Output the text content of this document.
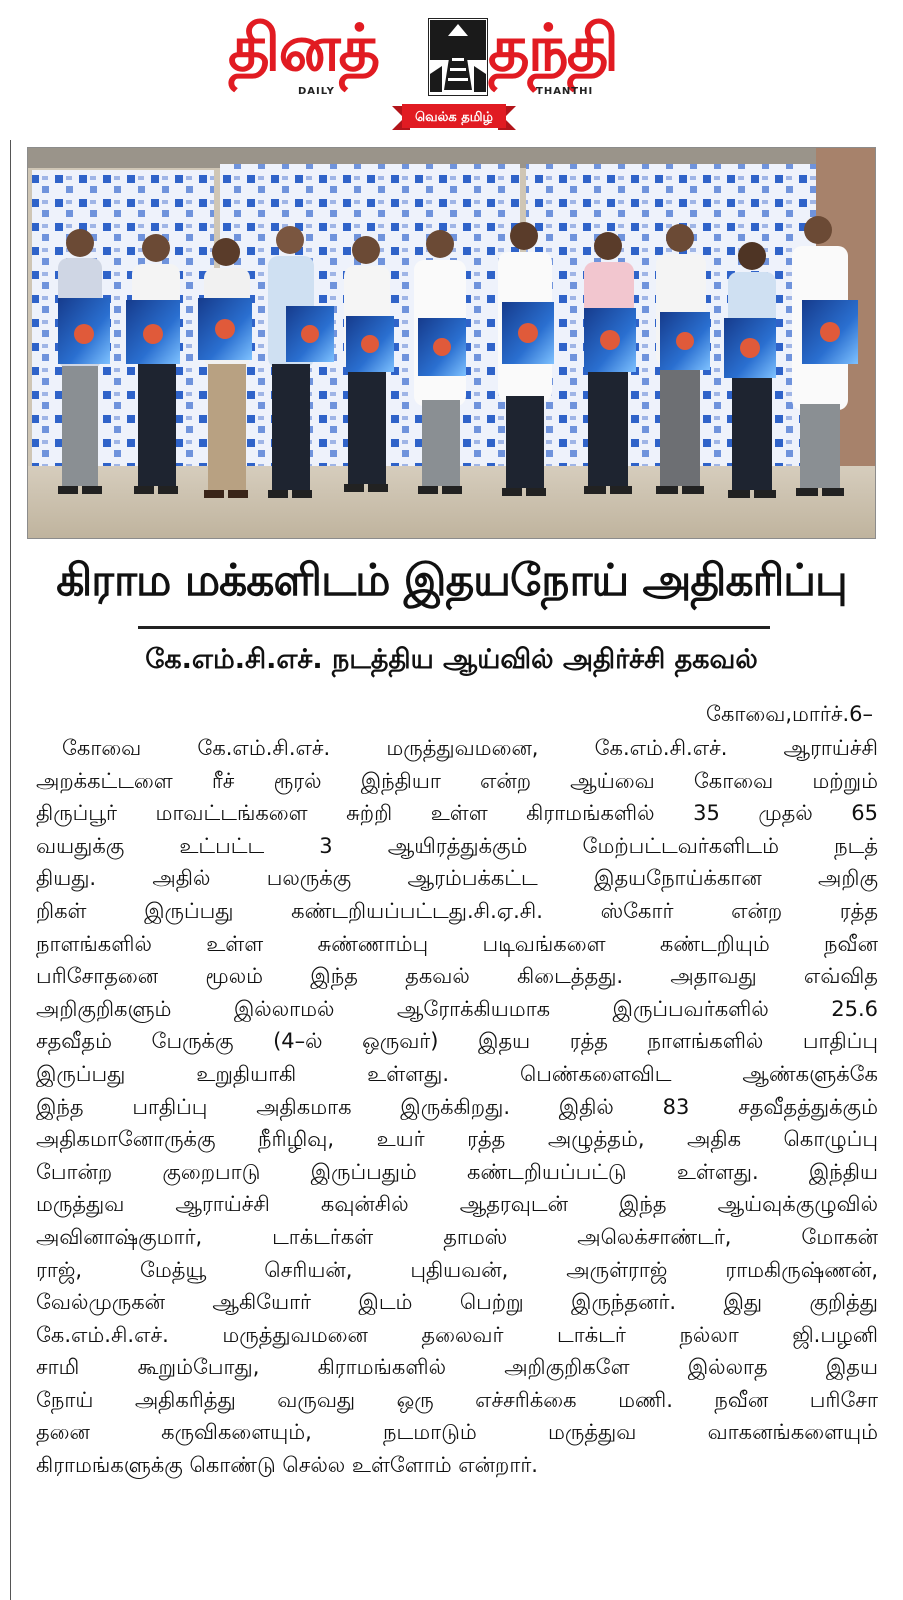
தினத் தந்தி
DAILY	THANTHI
வெல்க தமிழ்
கிராம மக்களிடம் இதயநோய் அதிகரிப்பு
கே.எம்.சி.எச். நடத்திய ஆய்வில் அதிர்ச்சி தகவல்
கோவை,மார்ச்.6–
கோவை கே.எம்.சி.எச். மருத்துவமனை, கே.எம்.சி.எச். ஆராய்ச்சி
அறக்கட்டளை ரீச் ரூரல் இந்தியா என்ற ஆய்வை கோவை மற்றும்
திருப்பூர் மாவட்டங்களை சுற்றி உள்ள கிராமங்களில் 35 முதல் 65
வயதுக்கு உட்பட்ட 3 ஆயிரத்துக்கும் மேற்பட்டவர்களிடம் நடத்
தியது. அதில் பலருக்கு ஆரம்பக்கட்ட இதயநோய்க்கான அறிகு
றிகள் இருப்பது கண்டறியப்பட்டது.சி.ஏ.சி. ஸ்கோர் என்ற ரத்த
நாளங்களில் உள்ள சுண்ணாம்பு படிவங்களை கண்டறியும் நவீன
பரிசோதனை மூலம் இந்த தகவல் கிடைத்தது. அதாவது எவ்வித
அறிகுறிகளும் இல்லாமல் ஆரோக்கியமாக இருப்பவர்களில் 25.6
சதவீதம் பேருக்கு (4–ல் ஒருவர்) இதய ரத்த நாளங்களில் பாதிப்பு
இருப்பது உறுதியாகி உள்ளது. பெண்களைவிட ஆண்களுக்கே
இந்த பாதிப்பு அதிகமாக இருக்கிறது. இதில் 83 சதவீதத்துக்கும்
அதிகமானோருக்கு நீரிழிவு, உயர் ரத்த அழுத்தம், அதிக கொழுப்பு
போன்ற குறைபாடு இருப்பதும் கண்டறியப்பட்டு உள்ளது. இந்திய
மருத்துவ ஆராய்ச்சி கவுன்சில் ஆதரவுடன் இந்த ஆய்வுக்குழுவில்
அவினாஷ்குமார், டாக்டர்கள் தாமஸ் அலெக்சாண்டர், மோகன்
ராஜ், மேத்யூ செரியன், புதியவன், அருள்ராஜ் ராமகிருஷ்ணன்,
வேல்முருகன் ஆகியோர் இடம் பெற்று இருந்தனர். இது குறித்து
கே.எம்.சி.எச். மருத்துவமனை தலைவர் டாக்டர் நல்லா ஜி.பழனி
சாமி கூறும்போது, கிராமங்களில் அறிகுறிகளே இல்லாத இதய
நோய் அதிகரித்து வருவது ஒரு எச்சரிக்கை மணி. நவீன பரிசோ
தனை கருவிகளையும், நடமாடும் மருத்துவ வாகனங்களையும்
கிராமங்களுக்கு கொண்டு செல்ல உள்ளோம் என்றார்.
